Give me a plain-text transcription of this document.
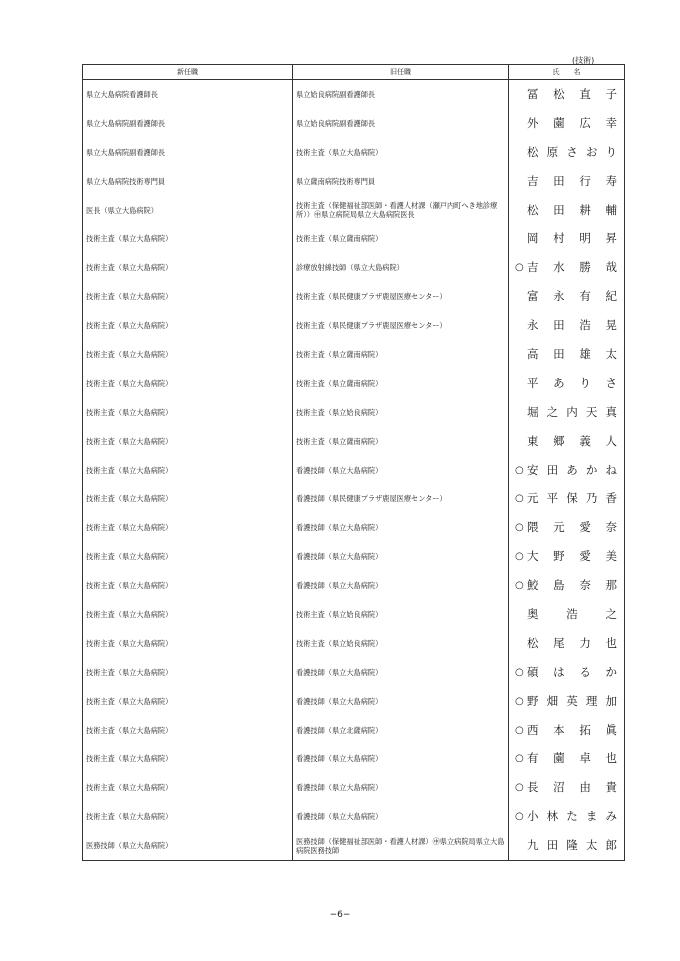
(技術)
新任職	旧任職	氏　　名
県立大島病院看護師長	県立姶良病院副看護師長	冨松直子

県立大島病院副看護師長	県立姶良病院副看護師長	外薗広幸

県立大島病院副看護師長	技術主査（県立大島病院）	松原さおり

県立大島病院技術専門員	県立薩南病院技術専門員	吉田行寿

医長（県立大島病院）	技術主査（保健福祉部医師・看護人材課（瀬戸内町へき地診療所））㊥県立病院局県立大島病院医長	松田耕輔

技術主査（県立大島病院）	技術主査（県立薩南病院）	岡村明昇

技術主査（県立大島病院）	診療放射線技師（県立大島病院）	○ 吉水勝哉

技術主査（県立大島病院）	技術主査（県民健康プラザ鹿屋医療センター）	富永有紀

技術主査（県立大島病院）	技術主査（県民健康プラザ鹿屋医療センター）	永田浩晃

技術主査（県立大島病院）	技術主査（県立薩南病院）	高田雄太

技術主査（県立大島病院）	技術主査（県立薩南病院）	平ありさ

技術主査（県立大島病院）	技術主査（県立姶良病院）	堀之内天真

技術主査（県立大島病院）	技術主査（県立薩南病院）	東郷義人

技術主査（県立大島病院）	看護技師（県立大島病院）	○ 安田あかね

技術主査（県立大島病院）	看護技師（県民健康プラザ鹿屋医療センター）	○ 元平保乃香

技術主査（県立大島病院）	看護技師（県立大島病院）	○ 隈元愛奈

技術主査（県立大島病院）	看護技師（県立大島病院）	○ 大野愛美

技術主査（県立大島病院）	看護技師（県立大島病院）	○ 鮫島奈那

技術主査（県立大島病院）	技術主査（県立姶良病院）	奥浩之

技術主査（県立大島病院）	技術主査（県立姶良病院）	松尾力也

技術主査（県立大島病院）	看護技師（県立大島病院）	○ 碩はるか

技術主査（県立大島病院）	看護技師（県立大島病院）	○ 野畑英理加

技術主査（県立大島病院）	看護技師（県立北薩病院）	○ 西本拓眞

技術主査（県立大島病院）	看護技師（県立大島病院）	○ 有薗卓也

技術主査（県立大島病院）	看護技師（県立大島病院）	○ 長沼由貴

技術主査（県立大島病院）	看護技師（県立大島病院）	○ 小林たまみ

医務技師（県立大島病院）	医務技師（保健福祉部医師・看護人材課）㊥県立病院局県立大島病院医務技師	九田隆太郎
−6−
